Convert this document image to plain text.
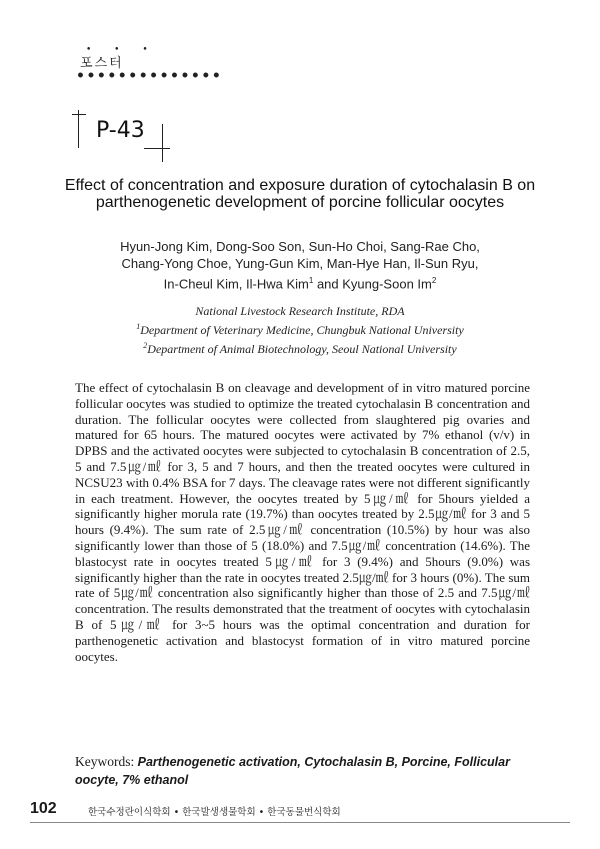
• • •
포스터
••••••••••••••
P-43
Effect of concentration and exposure duration of cytochalasin B on parthenogenetic development of porcine follicular oocytes
Hyun-Jong Kim, Dong-Soo Son, Sun-Ho Choi, Sang-Rae Cho,
Chang-Yong Choe, Yung-Gun Kim, Man-Hye Han, Il-Sun Ryu,
In-Cheul Kim, Il-Hwa Kim$^1$ and Kyung-Soon Im$^2$
National Livestock Research Institute, RDA
$^1$Department of Veterinary Medicine, Chungbuk National University
$^2$Department of Animal Biotechnology, Seoul National University
The effect of cytochalasin B on cleavage and development of in vitro matured porcine follicular oocytes was studied to optimize the treated cytochalasin B concentration and duration. The follicular oocytes were collected from slaughtered pig ovaries and matured for 65 hours. The matured oocytes were activated by 7% ethanol (v/v) in DPBS and the activated oocytes were subjected to cytochalasin B concentration of 2.5, 5 and 7.5㎍/㎖ for 3, 5 and 7 hours, and then the treated oocytes were cultured in NCSU23 with 0.4% BSA for 7 days. The cleavage rates were not different significantly in each treatment. However, the oocytes treated by 5㎍/㎖ for 5hours yielded a significantly higher morula rate (19.7%) than oocytes treated by 2.5㎍/㎖ for 3 and 5 hours (9.4%). The sum rate of 2.5㎍/㎖ concentration (10.5%) by hour was also significantly lower than those of 5 (18.0%) and 7.5㎍/㎖ concentration (14.6%). The blastocyst rate in oocytes treated 5㎍/㎖ for 3 (9.4%) and 5hours (9.0%) was significantly higher than the rate in oocytes treated 2.5㎍/㎖ for 3 hours (0%). The sum rate of 5㎍/㎖ concentration also significantly higher than those of 2.5 and 7.5㎍/㎖ concentration. The results demonstrated that the treatment of oocytes with cytochalasin B of 5㎍/㎖ for 3~5 hours was the optimal concentration and duration for parthenogenetic activation and blastocyst formation of in vitro matured porcine oocytes.
Keywords: Parthenogenetic activation, Cytochalasin B, Porcine, Follicular oocyte, 7% ethanol
102	한국수정란이식학회 • 한국발생생물학회 • 한국동물번식학회
